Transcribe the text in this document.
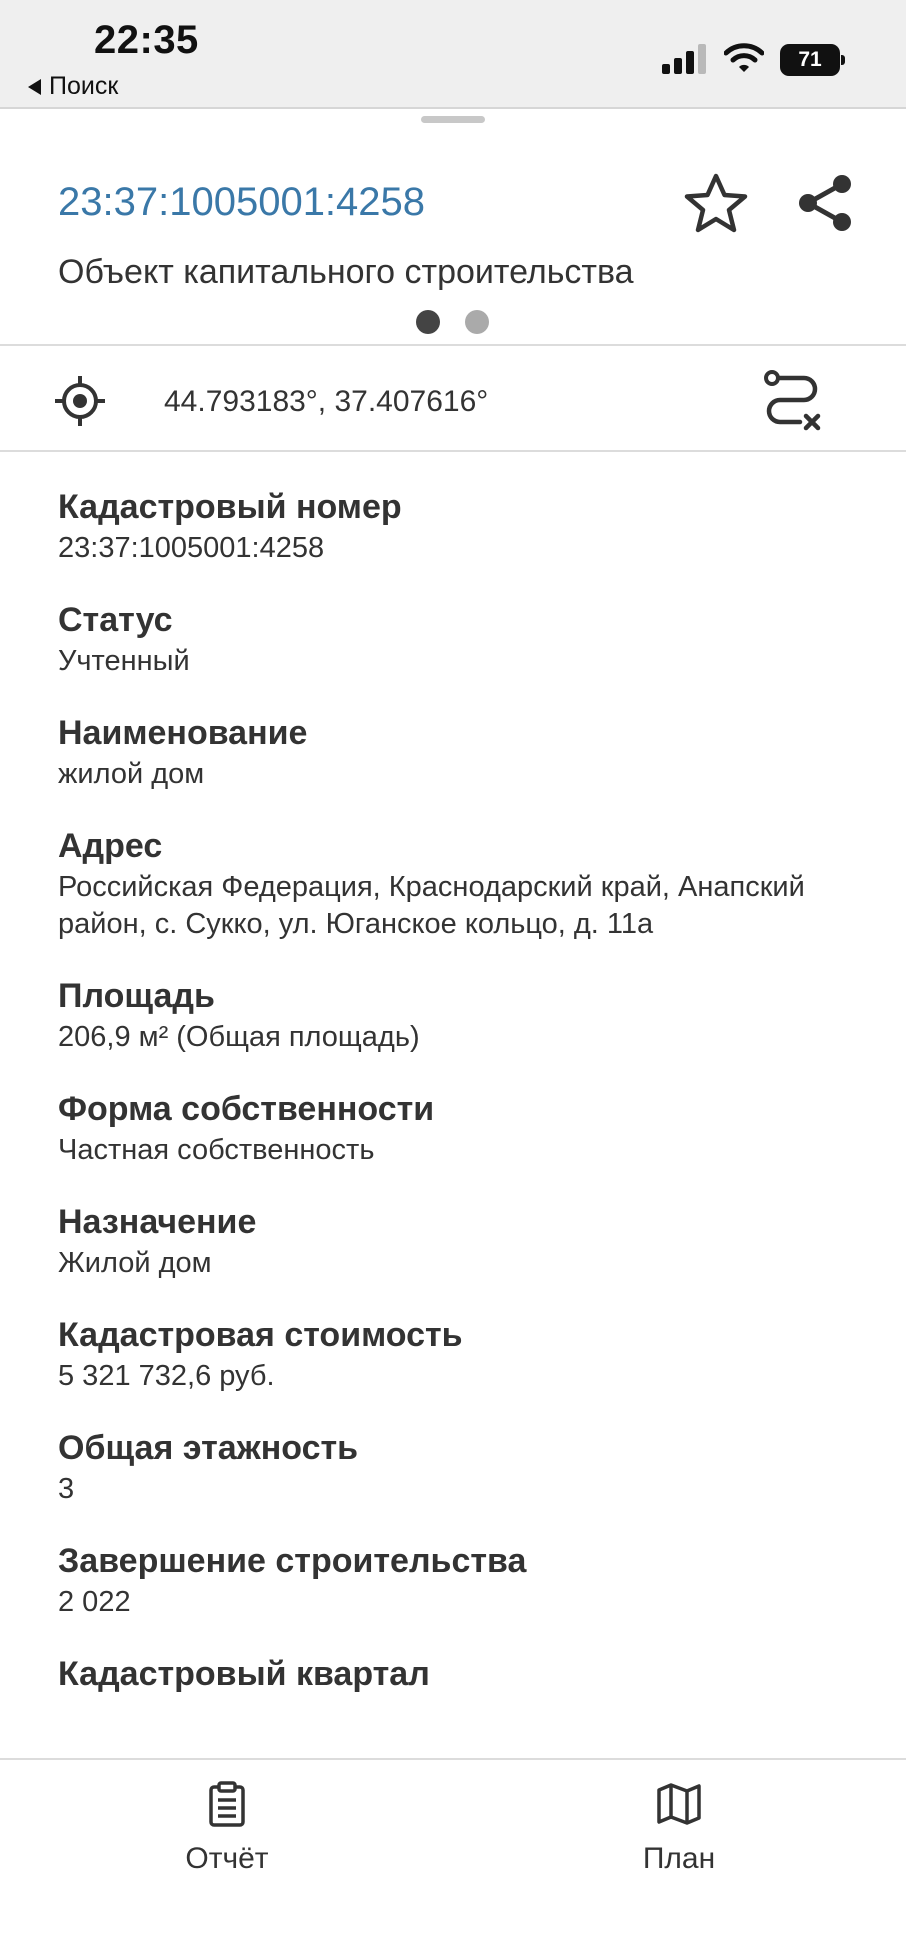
22:35
Поиск
71
23:37:1005001:4258
Объект капитального строительства
44.793183°, 37.407616°
Кадастровый номер
23:37:1005001:4258
Статус
Учтенный
Наименование
жилой дом
Адрес
Российская Федерация, Краснодарский край, Анапский район, с. Сукко, ул. Юганское кольцо, д. 11а
Площадь
206,9 м² (Общая площадь)
Форма собственности
Частная собственность
Назначение
Жилой дом
Кадастровая стоимость
5 321 732,6 руб.
Общая этажность
3
Завершение строительства
2 022
Кадастровый квартал
Отчёт	План
